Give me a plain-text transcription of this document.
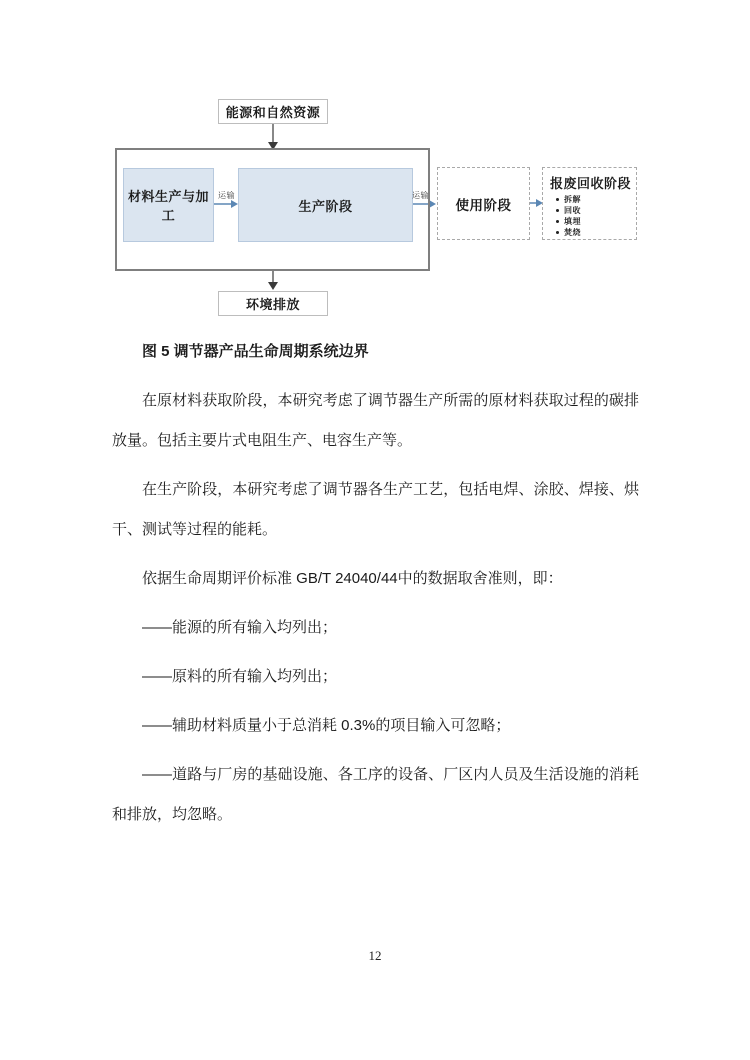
能源和自然资源
材料生产与加工
生产阶段
运输	运输
使用阶段
报废回收阶段
拆解
回收
填埋
焚烧
环境排放

图 5 调节器产品生命周期系统边界

在原材料获取阶段，本研究考虑了调节器生产所需的原材料获取过程的碳排放量。包括主要片式电阻生产、电容生产等。

在生产阶段，本研究考虑了调节器各生产工艺，包括电焊、涂胶、焊接、烘干、测试等过程的能耗。

依据生命周期评价标准 GB/T 24040/44中的数据取舍准则，即：

——能源的所有输入均列出；

——原料的所有输入均列出；

——辅助材料质量小于总消耗 0.3%的项目输入可忽略；

——道路与厂房的基础设施、各工序的设备、厂区内人员及生活设施的消耗和排放，均忽略。

12
